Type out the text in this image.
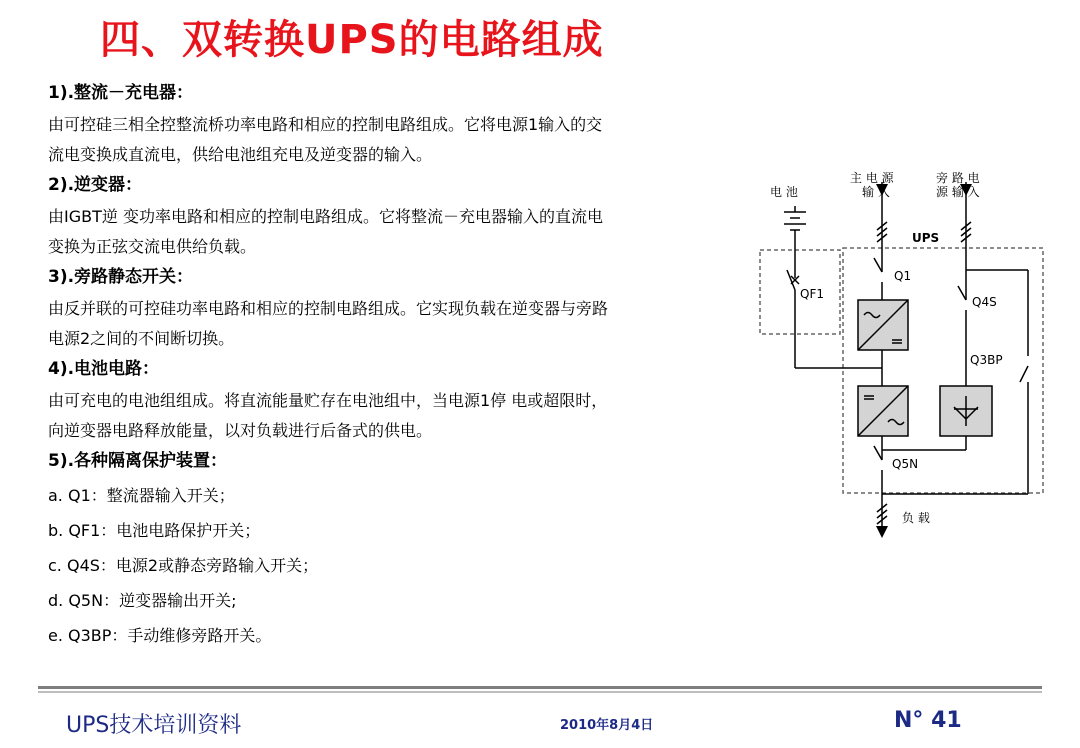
四、双转换UPS的电路组成
1).整流－充电器：

由可控硅三相全控整流桥功率电路和相应的控制电路组成。它将电源1输入的交
流电变换成直流电，供给电池组充电及逆变器的输入。

2).逆变器：

由IGBT逆 变功率电路和相应的控制电路组成。它将整流－充电器输入的直流电
变换为正弦交流电供给负载。

3).旁路静态开关：

由反并联的可控硅功率电路和相应的控制电路组成。它实现负载在逆变器与旁路
电源2之间的不间断切换。

4).电池电路：

由可充电的电池组组成。将直流能量贮存在电池组中，当电源1停 电或超限时，
向逆变器电路释放能量，以对负载进行后备式的供电。

5).各种隔离保护装置：
a. Q1：整流器输入开关；
b. QF1：电池电路保护开关；
c. Q4S：电源2或静态旁路输入开关；
d. Q5N：逆变器输出开关;
e. Q3BP：手动维修旁路开关。
电 池
主 电 源
输 入
旁 路 电
源 输 入
UPS
Q1
QF1
Q4S
Q3BP
Q5N
负 载
UPS技术培训资料	2010年8月4日	N° 41
